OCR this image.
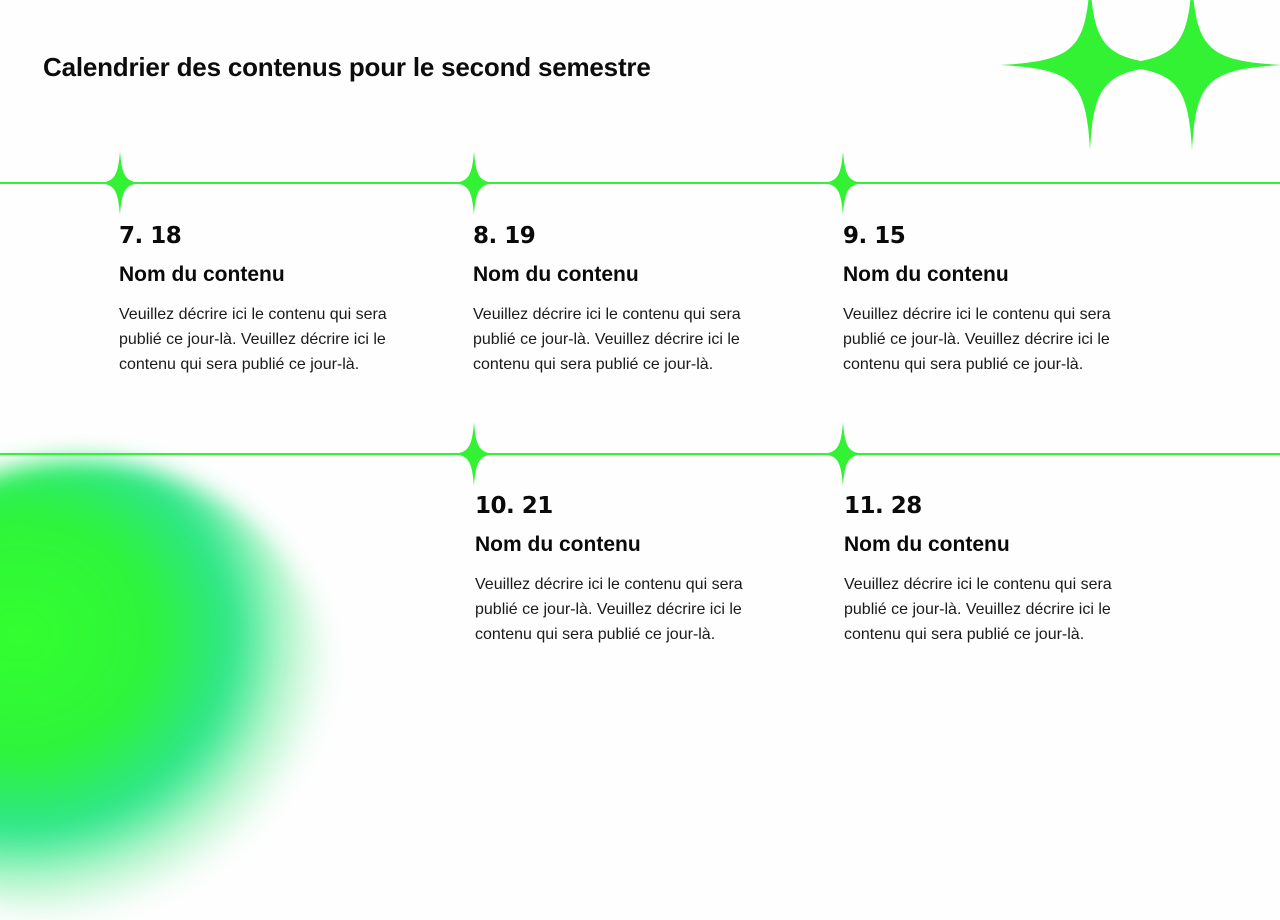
Calendrier des contenus pour le second semestre

7. 18

Nom du contenu

Veuillez décrire ici le contenu qui sera publié ce jour-là. Veuillez décrire ici le contenu qui sera publié ce jour-là.

8. 19

Nom du contenu

Veuillez décrire ici le contenu qui sera publié ce jour-là. Veuillez décrire ici le contenu qui sera publié ce jour-là.

9. 15

Nom du contenu

Veuillez décrire ici le contenu qui sera publié ce jour-là. Veuillez décrire ici le contenu qui sera publié ce jour-là.

10. 21

Nom du contenu

Veuillez décrire ici le contenu qui sera publié ce jour-là. Veuillez décrire ici le contenu qui sera publié ce jour-là.

11. 28

Nom du contenu

Veuillez décrire ici le contenu qui sera publié ce jour-là. Veuillez décrire ici le contenu qui sera publié ce jour-là.
